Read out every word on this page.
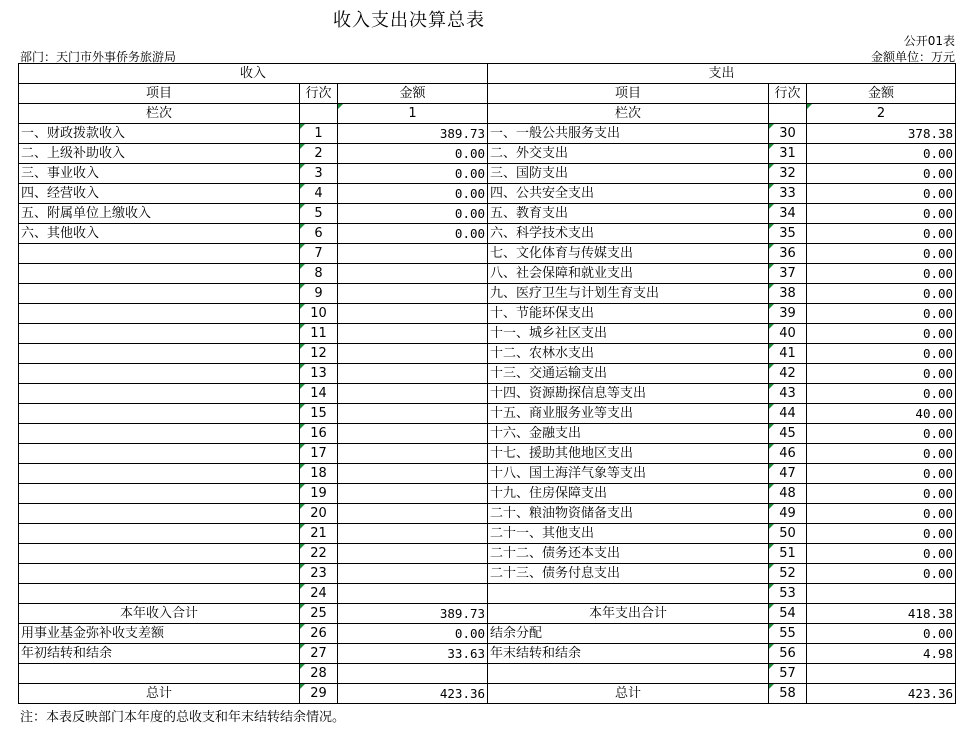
收入支出决算总表
公开01表
部门：天门市外事侨务旅游局	金额单位：万元
收入			支出		
项目	行次	金额	项目	行次	金额
栏次		1	栏次		2
一、财政拨款收入	1	389.73	一、一般公共服务支出	30	378.38
二、上级补助收入	2	0.00	二、外交支出	31	0.00
三、事业收入	3	0.00	三、国防支出	32	0.00
四、经营收入	4	0.00	四、公共安全支出	33	0.00
五、附属单位上缴收入	5	0.00	五、教育支出	34	0.00
六、其他收入	6	0.00	六、科学技术支出	35	0.00
	7		七、文化体育与传媒支出	36	0.00
	8		八、社会保障和就业支出	37	0.00
	9		九、医疗卫生与计划生育支出	38	0.00
	10		十、节能环保支出	39	0.00
	11		十一、城乡社区支出	40	0.00
	12		十二、农林水支出	41	0.00
	13		十三、交通运输支出	42	0.00
	14		十四、资源勘探信息等支出	43	0.00
	15		十五、商业服务业等支出	44	40.00
	16		十六、金融支出	45	0.00
	17		十七、援助其他地区支出	46	0.00
	18		十八、国土海洋气象等支出	47	0.00
	19		十九、住房保障支出	48	0.00
	20		二十、粮油物资储备支出	49	0.00
	21		二十一、其他支出	50	0.00
	22		二十二、债务还本支出	51	0.00
	23		二十三、债务付息支出	52	0.00
	24			53	
本年收入合计	25	389.73	本年支出合计	54	418.38
用事业基金弥补收支差额	26	0.00	结余分配	55	0.00
年初结转和结余	27	33.63	年末结转和结余	56	4.98
	28			57	
总计	29	423.36	总计	58	423.36
注：本表反映部门本年度的总收支和年末结转结余情况。
